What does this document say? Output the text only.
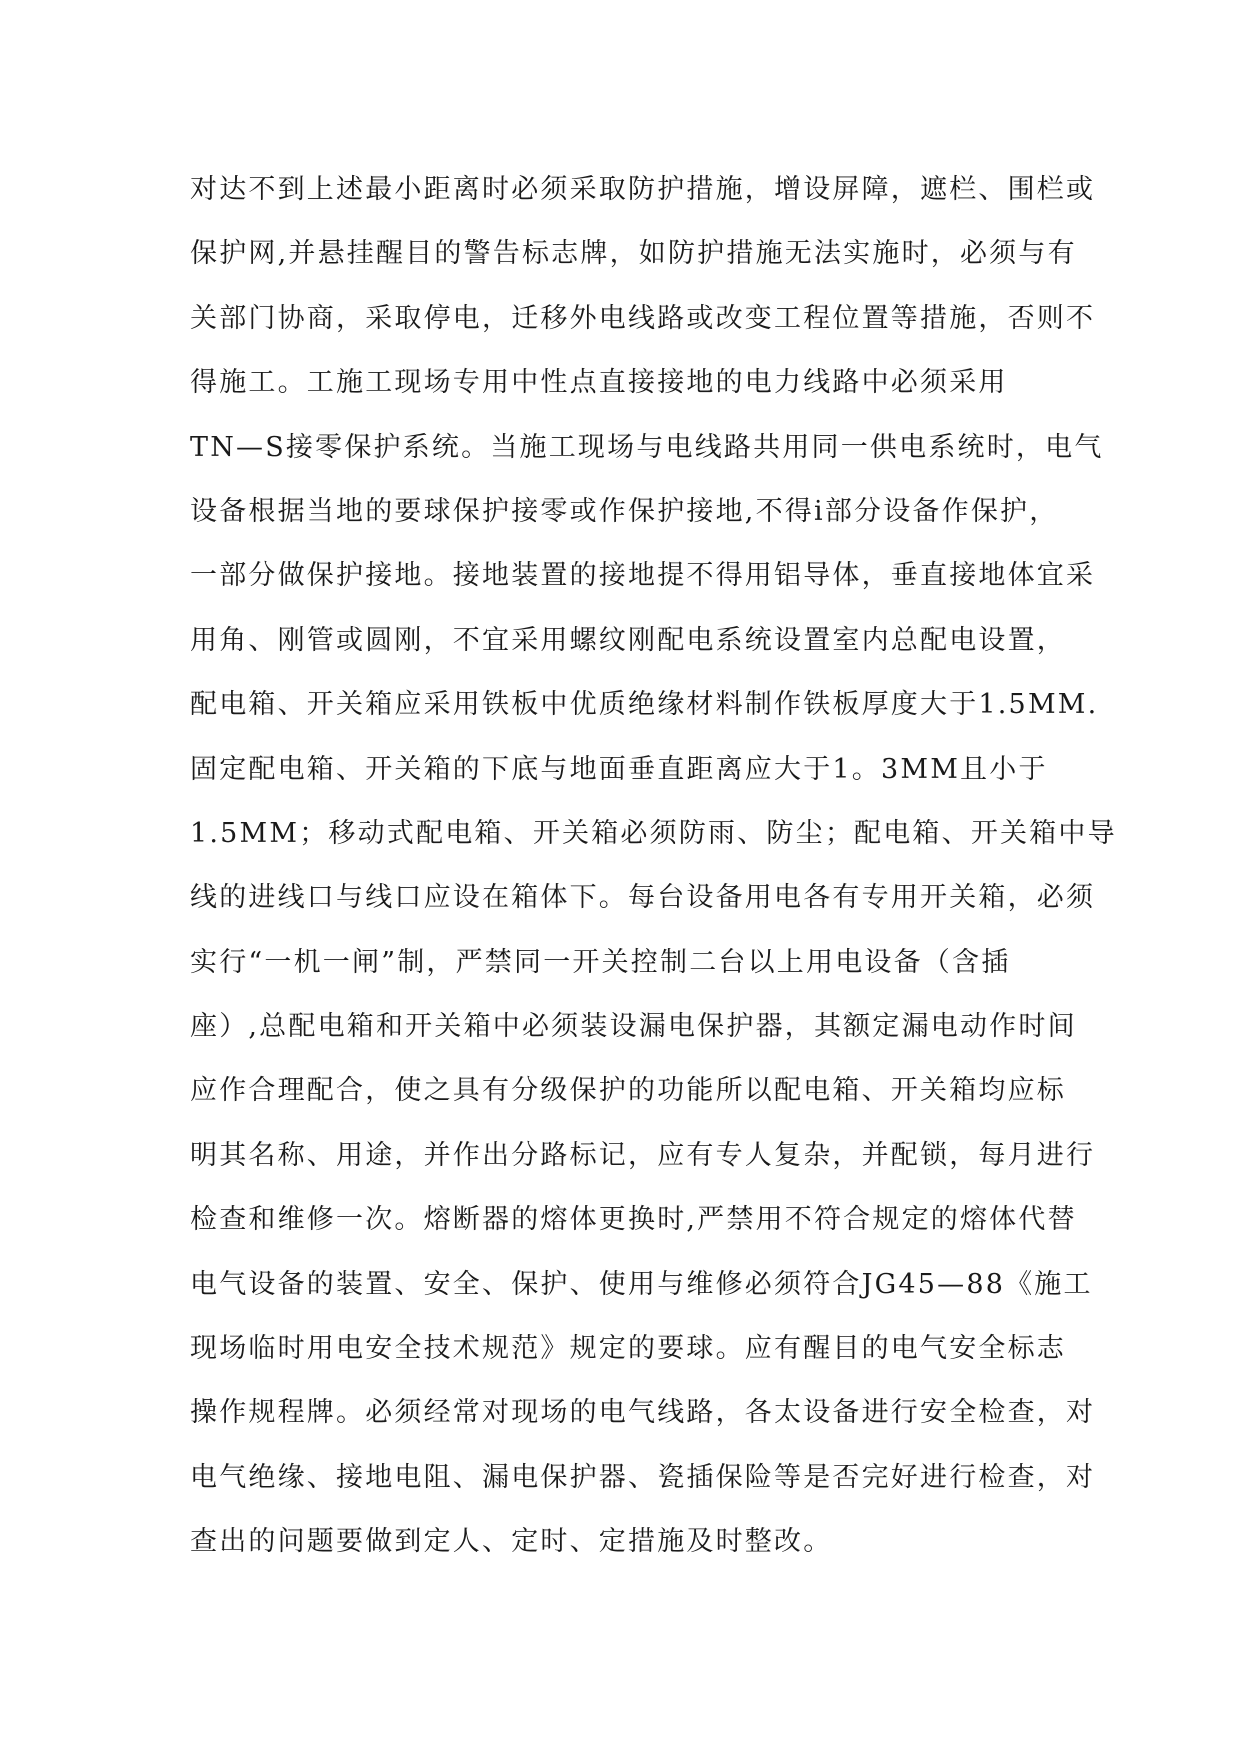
对达不到上述最小距离时必须采取防护措施，增设屏障，遮栏、围栏或
保护网,并悬挂醒目的警告标志牌，如防护措施无法实施时，必须与有
关部门协商，采取停电，迁移外电线路或改变工程位置等措施，否则不
得施工。工施工现场专用中性点直接接地的电力线路中必须采用
TN—S接零保护系统。当施工现场与电线路共用同一供电系统时，电气
设备根据当地的要球保护接零或作保护接地,不得i部分设备作保护，
一部分做保护接地。接地装置的接地提不得用铝导体，垂直接地体宜采
用角、刚管或圆刚，不宜采用螺纹刚配电系统设置室内总配电设置，
配电箱、开关箱应采用铁板中优质绝缘材料制作铁板厚度大于1.5MM.
固定配电箱、开关箱的下底与地面垂直距离应大于1。3MM且小于
1.5MM；移动式配电箱、开关箱必须防雨、防尘；配电箱、开关箱中导
线的进线口与线口应设在箱体下。每台设备用电各有专用开关箱，必须
实行“一机一闸”制，严禁同一开关控制二台以上用电设备（含插
座）,总配电箱和开关箱中必须装设漏电保护器，其额定漏电动作时间
应作合理配合，使之具有分级保护的功能所以配电箱、开关箱均应标
明其名称、用途，并作出分路标记，应有专人复杂，并配锁，每月进行
检查和维修一次。熔断器的熔体更换时,严禁用不符合规定的熔体代替
电气设备的装置、安全、保护、使用与维修必须符合JG45—88《施工
现场临时用电安全技术规范》规定的要球。应有醒目的电气安全标志
操作规程牌。必须经常对现场的电气线路，各太设备进行安全检查，对
电气绝缘、接地电阻、漏电保护器、瓷插保险等是否完好进行检查，对
查出的问题要做到定人、定时、定措施及时整改。
